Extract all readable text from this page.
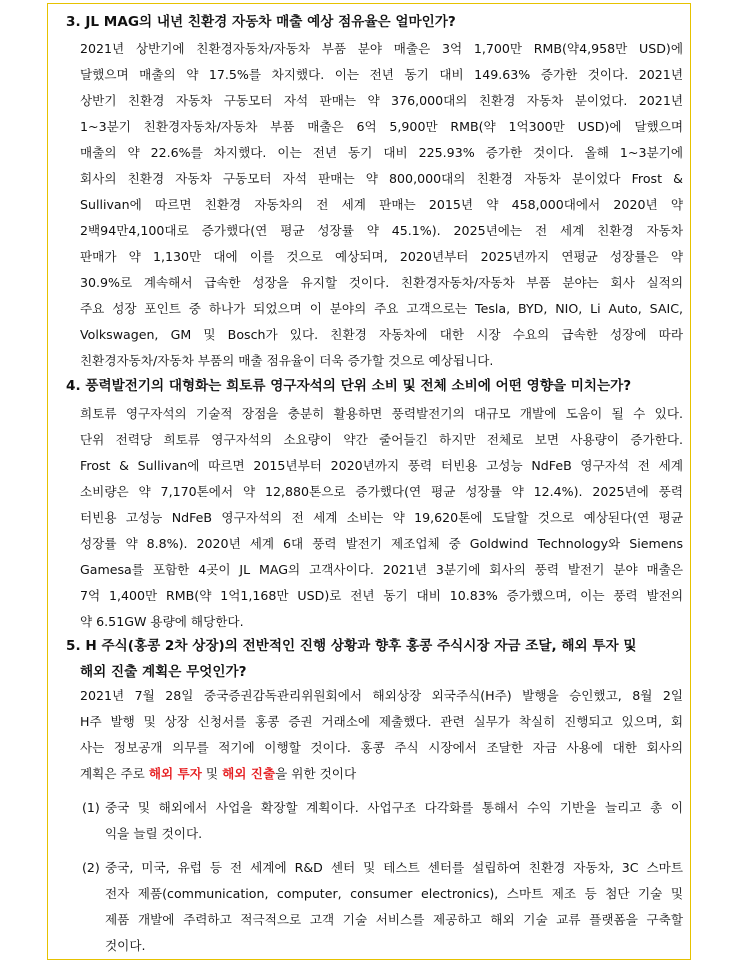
3. JL MAG의 내년 친환경 자동차 매출 예상 점유율은 얼마인가?
2021년 상반기에 친환경자동차/자동차 부품 분야 매출은 3억 1,700만 RMB(약4,958만 USD)에
달했으며 매출의 약 17.5%를 차지했다. 이는 전년 동기 대비 149.63% 증가한 것이다. 2021년
상반기 친환경 자동차 구동모터 자석 판매는 약 376,000대의 친환경 자동차 분이었다. 2021년
1~3분기 친환경자동차/자동차 부품 매출은 6억 5,900만 RMB(약 1억300만 USD)에 달했으며
매출의 약 22.6%를 차지했다. 이는 전년 동기 대비 225.93% 증가한 것이다. 올해 1~3분기에
회사의 친환경 자동차 구동모터 자석 판매는 약 800,000대의 친환경 자동차 분이었다 Frost &
Sullivan에 따르면 친환경 자동차의 전 세계 판매는 2015년 약 458,000대에서 2020년 약
2백94만4,100대로 증가했다(연 평균 성장률 약 45.1%). 2025년에는 전 세계 친환경 자동차
판매가 약 1,130만 대에 이를 것으로 예상되며, 2020년부터 2025년까지 연평균 성장률은 약
30.9%로 계속해서 급속한 성장을 유지할 것이다. 친환경자동차/자동차 부품 분야는 회사 실적의
주요 성장 포인트 중 하나가 되었으며 이 분야의 주요 고객으로는 Tesla, BYD, NIO, Li Auto, SAIC,
Volkswagen, GM 및 Bosch가 있다. 친환경 자동차에 대한 시장 수요의 급속한 성장에 따라
친환경자동차/자동차 부품의 매출 점유율이 더욱 증가할 것으로 예상됩니다.
4. 풍력발전기의 대형화는 희토류 영구자석의 단위 소비 및 전체 소비에 어떤 영향을 미치는가?
희토류 영구자석의 기술적 장점을 충분히 활용하면 풍력발전기의 대규모 개발에 도움이 될 수 있다.
단위 전력당 희토류 영구자석의 소요량이 약간 줄어들긴 하지만 전체로 보면 사용량이 증가한다.
Frost & Sullivan에 따르면 2015년부터 2020년까지 풍력 터빈용 고성능 NdFeB 영구자석 전 세계
소비량은 약 7,170톤에서 약 12,880톤으로 증가했다(연 평균 성장률 약 12.4%). 2025년에 풍력
터빈용 고성능 NdFeB 영구자석의 전 세계 소비는 약 19,620톤에 도달할 것으로 예상된다(연 평균
성장률 약 8.8%). 2020년 세계 6대 풍력 발전기 제조업체 중 Goldwind Technology와 Siemens
Gamesa를 포함한 4곳이 JL MAG의 고객사이다. 2021년 3분기에 회사의 풍력 발전기 분야 매출은
7억 1,400만 RMB(약 1억1,168만 USD)로 전년 동기 대비 10.83% 증가했으며, 이는 풍력 발전의
약 6.51GW 용량에 해당한다.
5. H 주식(홍콩 2차 상장)의 전반적인 진행 상황과 향후 홍콩 주식시장 자금 조달, 해외 투자 및
해외 진출 계획은 무엇인가?
2021년 7월 28일 중국증권감독관리위원회에서 해외상장 외국주식(H주) 발행을 승인했고, 8월 2일
H주 발행 및 상장 신청서를 홍콩 증권 거래소에 제출했다. 관련 실무가 착실히 진행되고 있으며, 회
사는 정보공개 의무를 적기에 이행할 것이다. 홍콩 주식 시장에서 조달한 자금 사용에 대한 회사의
계획은 주로 해외 투자 및 해외 진출을 위한 것이다
(1) 중국 및 해외에서 사업을 확장할 계획이다. 사업구조 다각화를 통해서 수익 기반을 늘리고 총 이
익을 늘릴 것이다.
(2) 중국, 미국, 유럽 등 전 세계에 R&D 센터 및 테스트 센터를 설립하여 친환경 자동차, 3C 스마트
전자 제품(communication, computer, consumer electronics), 스마트 제조 등 첨단 기술 및
제품 개발에 주력하고 적극적으로 고객 기술 서비스를 제공하고 해외 기술 교류 플랫폼을 구축할
것이다.
